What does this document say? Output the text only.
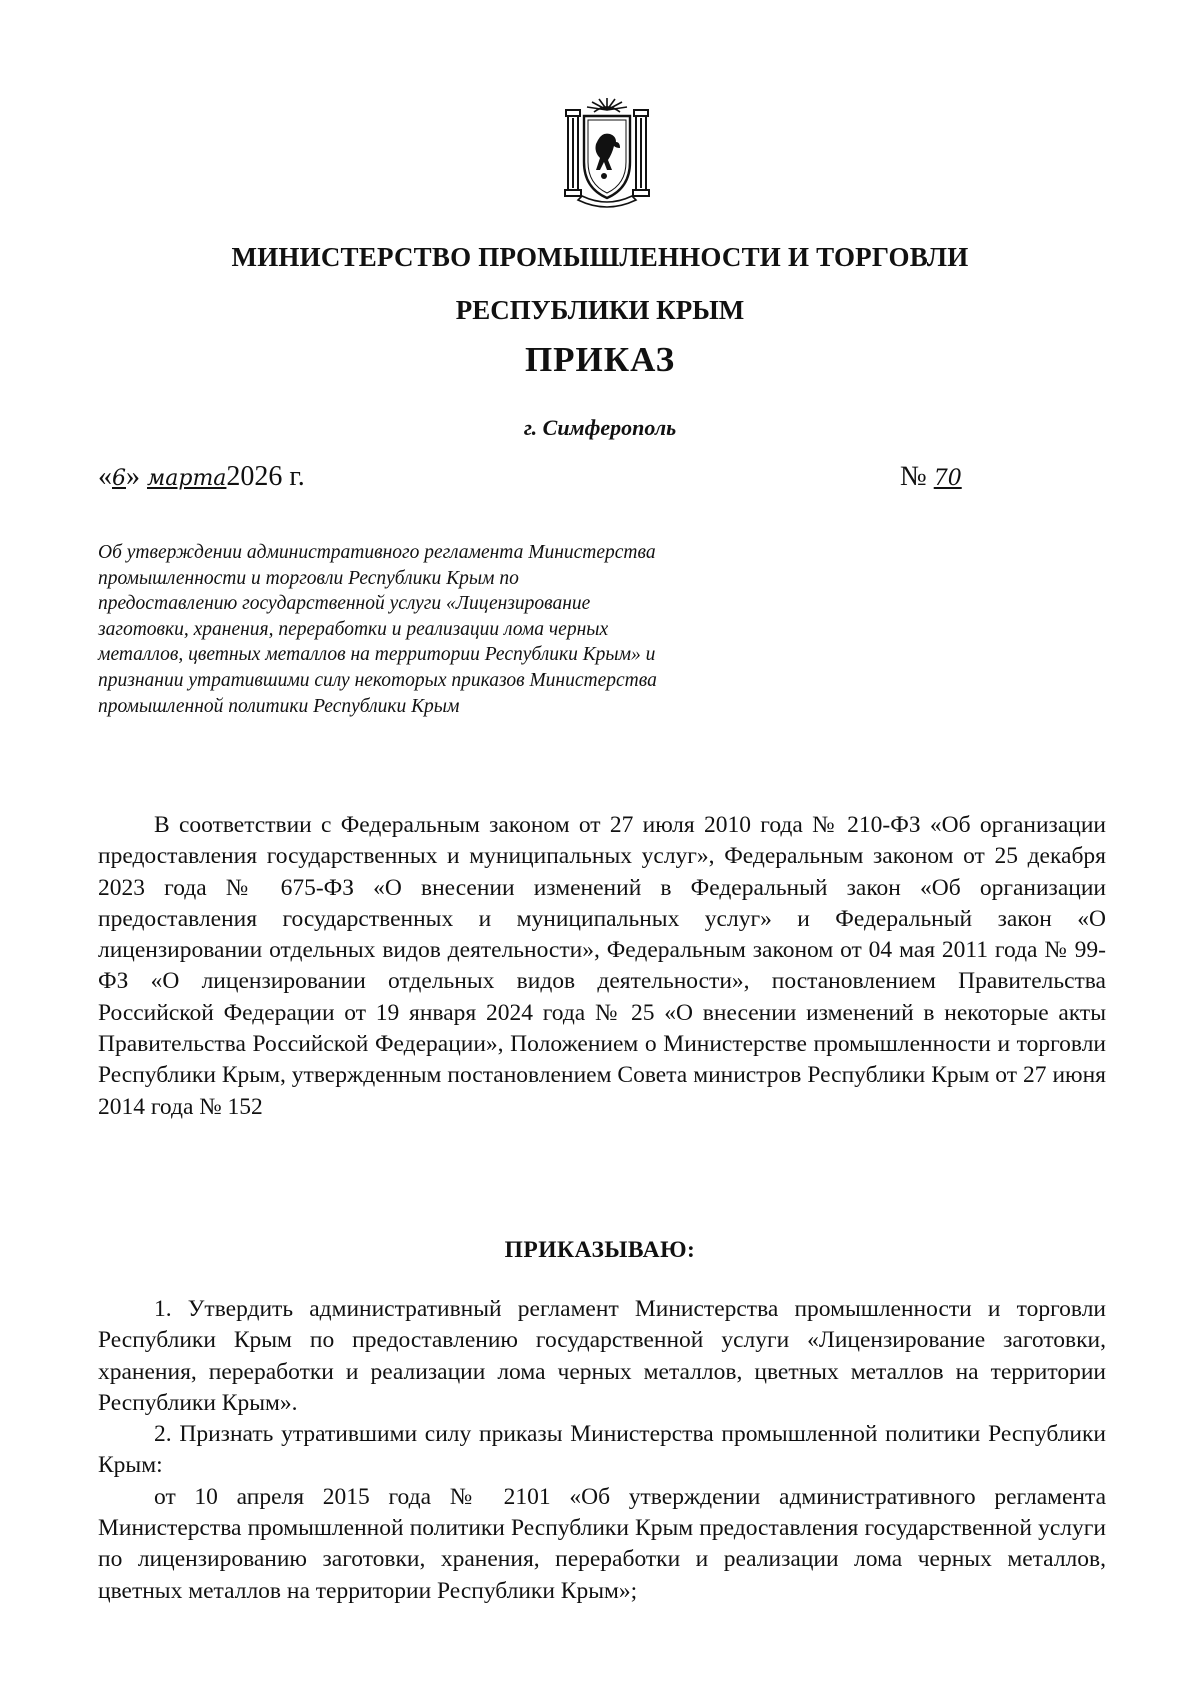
МИНИСТЕРСТВО ПРОМЫШЛЕННОСТИ И ТОРГОВЛИ
РЕСПУБЛИКИ КРЫМ
ПРИКАЗ
г. Симферополь
«6» марта2026 г.	№ 70
Об утверждении административного регламента Министерства промышленности и торговли Республики Крым по предоставлению государственной услуги «Лицензирование заготовки, хранения, переработки и реализации лома черных металлов, цветных металлов на территории Республики Крым» и признании утратившими силу некоторых приказов Министерства промышленной политики Республики Крым
В соответствии с Федеральным законом от 27 июля 2010 года № 210-ФЗ «Об организации предоставления государственных и муниципальных услуг», Федеральным законом от 25 декабря 2023 года № 675-ФЗ «О внесении изменений в Федеральный закон «Об организации предоставления государственных и муниципальных услуг» и Федеральный закон «О лицензировании отдельных видов деятельности», Федеральным законом от 04 мая 2011 года № 99-ФЗ «О лицензировании отдельных видов деятельности», постановлением Правительства Российской Федерации от 19 января 2024 года № 25 «О внесении изменений в некоторые акты Правительства Российской Федерации», Положением о Министерстве промышленности и торговли Республики Крым, утвержденным постановлением Совета министров Республики Крым от 27 июня 2014 года № 152
ПРИКАЗЫВАЮ:

1. Утвердить административный регламент Министерства промышленности и торговли Республики Крым по предоставлению государственной услуги «Лицензирование заготовки, хранения, переработки и реализации лома черных металлов, цветных металлов на территории Республики Крым».

2. Признать утратившими силу приказы Министерства промышленной политики Республики Крым:

от 10 апреля 2015 года № 2101 «Об утверждении административного регламента Министерства промышленной политики Республики Крым предоставления государственной услуги по лицензированию заготовки, хранения, переработки и реализации лома черных металлов, цветных металлов на территории Республики Крым»;
